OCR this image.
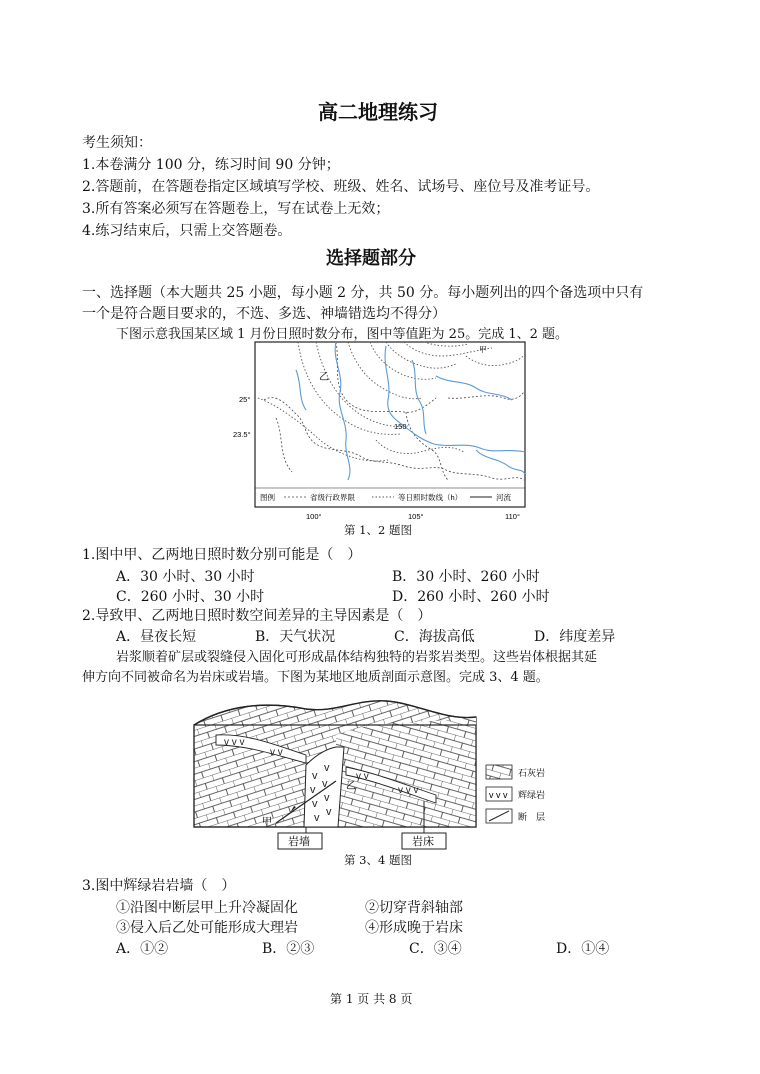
高二地理练习
考生须知：
1.本卷满分 100 分，练习时间 90 分钟；
2.答题前，在答题卷指定区域填写学校、班级、姓名、试场号、座位号及准考证号。
3.所有答案必须写在答题卷上，写在试卷上无效；
4.练习结束后，只需上交答题卷。
选择题部分
一、选择题（本大题共 25 小题，每小题 2 分，共 50 分。每小题列出的四个备选项中只有
一个是符合题目要求的，不选、多选、神墙错选均不得分）
下图示意我国某区域 1 月份日照时数分布，图中等值距为 25。完成 1、2 题。
甲
乙
150
25°
23.5°
100°	105°	110°
图例	省级行政界限	等日照时数线（h）	河流
第 1、2 题图
1.图中甲、乙两地日照时数分别可能是（　）
A．30 小时、30 小时	B．30 小时、260 小时
C．260 小时、30 小时	D．260 小时、260 小时
2.导致甲、乙两地日照时数空间差异的主导因素是（　）
A．昼夜长短	B．天气状况	C．海拔高低	D．纬度差异
岩浆顺着矿层或裂缝侵入固化可形成晶体结构独特的岩浆岩类型。这些岩体根据其延
伸方向不同被命名为岩床或岩墙。下图为某地区地质剖面示意图。完成 3、4 题。
v
v
v v
v v
v v
v v v
v v
v v
v v v
甲
乙
岩墙	岩床
石灰岩
v v v 辉绿岩
断　层
第 3、4 题图
3.图中辉绿岩岩墙（　）
①沿图中断层甲上升冷凝固化	②切穿背斜轴部
③侵入后乙处可能形成大理岩	④形成晚于岩床
A．①②	B．②③	C．③④	D．①④
第 1 页 共 8 页
